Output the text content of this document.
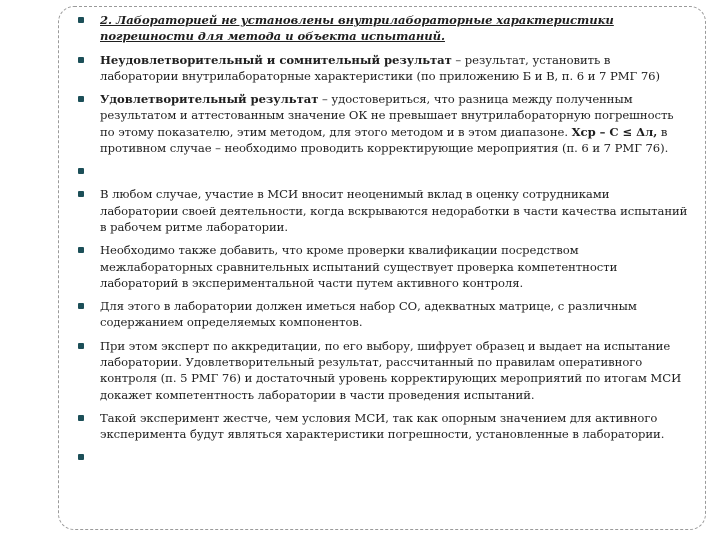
2. Лабораторией не установлены внутрилабораторные характеристики погрешности для метода и объекта испытаний.
Неудовлетворительный и сомнительный результат – результат, установить в лаборатории внутрилабораторные характеристики (по приложению Б и В, п. 6 и 7 РМГ 76)
Удовлетворительный результат – удостовериться, что разница между полученным результатом и аттестованным значение ОК не превышает внутрилабораторную погрешность по этому показателю, этим методом, для этого методом и в этом диапазоне. Хср – С ≤ Δл, в противном случае – необходимо проводить корректирующие мероприятия (п. 6 и 7 РМГ 76).
В любом случае, участие в МСИ вносит неоценимый вклад в оценку сотрудниками лаборатории своей деятельности, когда вскрываются недоработки в части качества испытаний в рабочем ритме лаборатории.
Необходимо также добавить, что кроме проверки квалификации посредством межлабораторных сравнительных испытаний существует проверка компетентности лабораторий в экспериментальной части путем активного контроля.
Для этого в лаборатории должен иметься набор СО, адекватных матрице, с различным содержанием определяемых компонентов.
При этом эксперт по аккредитации, по его выбору, шифрует образец и выдает на испытание лаборатории. Удовлетворительный результат, рассчитанный по правилам оперативного контроля (п. 5 РМГ 76) и достаточный уровень корректирующих мероприятий по итогам МСИ докажет компетентность лаборатории в части проведения испытаний.
Такой эксперимент жестче, чем условия МСИ, так как опорным значением для активного эксперимента будут являться характеристики погрешности, установленные в лаборатории.
